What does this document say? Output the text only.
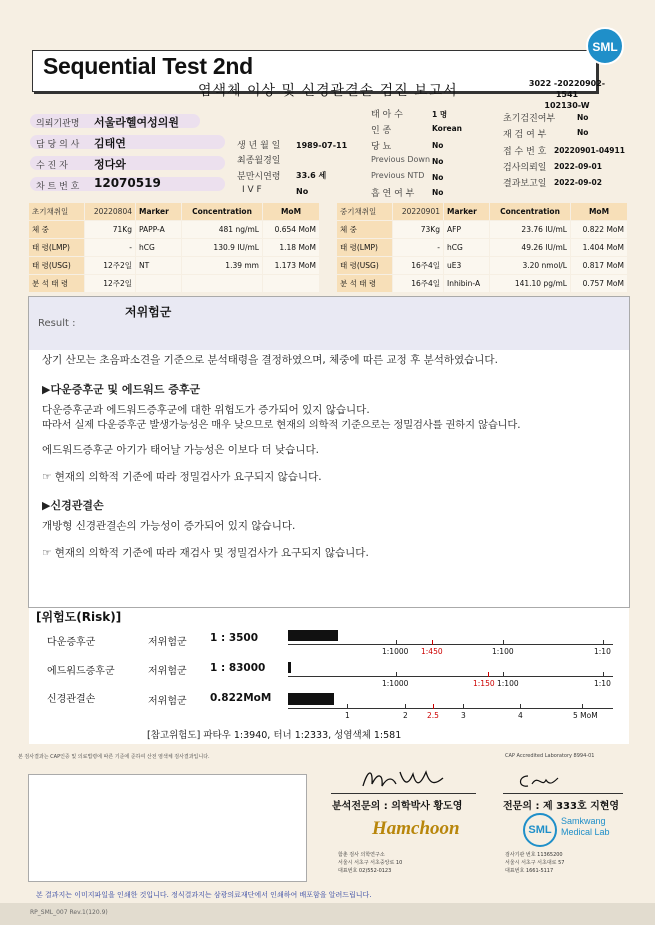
Sequential Test 2nd
염색체 이상 및 신경관결손 검진 보고서	3022 -20220902-1541
102130-W
SML
의뢰기관명 서울라헬여성의원
담 당 의 사 김태연
수 진 자 정다와
차 트 번 호 12070519
생 년 월 일 1989-07-11
최종월경일
분만시연령 33.6 세
I V F	No
태 아 수	1 명
인 종	Korean
당 뇨	No
Previous Down No
Previous NTD No
흡 연 여 부 No
초기검진여부	No
재 검 여 부	No
접 수 번 호 20220901-04911
검사의뢰일 2022-09-01
결과보고일 2022-09-02
초기채취일	20220804	Marker	Concentration	MoM
체 중	71Kg	PAPP-A	481 ng/mL	0.654 MoM
태 령(LMP)	-	hCG	130.9 IU/mL	1.18 MoM
태 령(USG)	12주2일	NT	1.39 mm	1.173 MoM
분 석 태 령	12주2일			
중기채취일	20220901	Marker	Concentration	MoM
체 중	73Kg	AFP	23.76 IU/mL	0.822 MoM
태 령(LMP)	-	hCG	49.26 IU/mL	1.404 MoM
태 령(USG)	16주4일	uE3	3.20 nmol/L	0.817 MoM
분 석 태 령	16주4일	Inhibin-A	141.10 pg/mL	0.757 MoM
Result :
저위험군
상기 산모는 초음파소견을 기준으로 분석태령을 결정하였으며, 체중에 따른 교정 후 분석하였습니다.
▶다운증후군 및 에드워드 증후군
다운증후군과 에드워드증후군에 대한 위험도가 증가되어 있지 않습니다.
따라서 실제 다운증후군 발생가능성은 매우 낮으므로 현재의 의학적 기준으로는 정밀검사를 권하지 않습니다.
에드워드증후군 아기가 태어날 가능성은 이보다 더 낮습니다.
☞ 현재의 의학적 기준에 따라 정밀검사가 요구되지 않습니다.
▶신경관결손
개방형 신경관결손의 가능성이 증가되어 있지 않습니다.
☞ 현재의 의학적 기준에 따라 재검사 및 정밀검사가 요구되지 않습니다.
[위험도(Risk)]
다운증후군	저위험군 1 : 3500
1:1000 1:450	1:100	1:10
에드워드증후군	저위험군 1 : 83000
1:1000	1:150 1:100	1:10
신경관결손	저위험군 0.822MoM
1	2	2.5	3	4	5 MoM
[참고위험도] 파타우 1:3940, 터너 1:2333, 성염색체 1:581
본 검사결과는 CAP인증 및 의료법령에 따른 기준에 준하여 산전 염색체 검사결과입니다.	CAP Accredited Laboratory 8994-01
분석전문의 : 의학박사 황도영	전문의 : 제 333호 지현영
Hamchoon
함춘 검사 의학연구소
서울시 서초구 서초중앙로 10
대표번호 02)552-0123
SML
Samkwang Medical Lab
검사기관 번호 11365200
서울시 서초구 서초대로 57
대표번호 1661-5117
본 결과지는 이미지파일을 인쇄한 것입니다. 정식결과지는 삼광의료재단에서 인쇄하여 배포함을 알려드립니다.
RP_SML_007 Rev.1(120.9)
